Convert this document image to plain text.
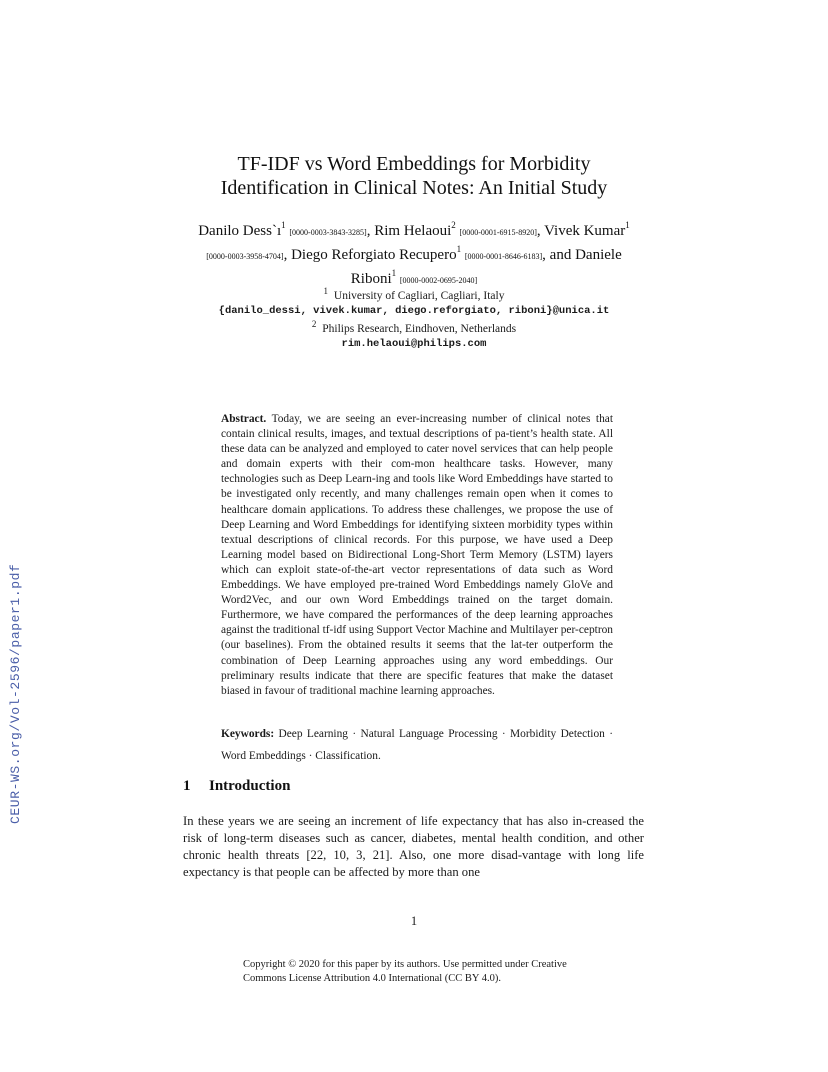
CEUR-WS.org/Vol-2596/paper1.pdf
TF-IDF vs Word Embeddings for Morbidity
Identification in Clinical Notes: An Initial Study
Danilo $Dess`ı^1$ [0000-0003-3843-3285], Rim Helaoui$^2$ [0000-0001-6915-8920], Vivek Kumar$^1$ [0000-0003-3958-4704], Diego Reforgiato Recupero$^1$ [0000-0001-8646-6183], and Daniele Riboni$^1$ [0000-0002-0695-2040]
$^1$ University of Cagliari, Cagliari, Italy
{danilo_dessi, vivek.kumar, diego.reforgiato, riboni}@unica.it
$^2$ Philips Research, Eindhoven, Netherlands
rim.helaoui@philips.com
Abstract. Today, we are seeing an ever-increasing number of clinical notes that contain clinical results, images, and textual descriptions of pa-tient’s health state. All these data can be analyzed and employed to cater novel services that can help people and domain experts with their com-mon healthcare tasks. However, many technologies such as Deep Learn-ing and tools like Word Embeddings have started to be investigated only recently, and many challenges remain open when it comes to healthcare domain applications. To address these challenges, we propose the use of Deep Learning and Word Embeddings for identifying sixteen morbidity types within textual descriptions of clinical records. For this purpose, we have used a Deep Learning model based on Bidirectional Long-Short Term Memory (LSTM) layers which can exploit state-of-the-art vector representations of data such as Word Embeddings. We have employed pre-trained Word Embeddings namely GloVe and Word2Vec, and our own Word Embeddings trained on the target domain. Furthermore, we have compared the performances of the deep learning approaches against the traditional tf-idf using Support Vector Machine and Multilayer per-ceptron (our baselines). From the obtained results it seems that the lat-ter outperform the combination of Deep Learning approaches using any word embeddings. Our preliminary results indicate that there are specific features that make the dataset biased in favour of traditional machine learning approaches.
Keywords: Deep Learning · Natural Language Processing · Morbidity Detection · Word Embeddings · Classification.
1 Introduction
In these years we are seeing an increment of life expectancy that has also in-creased the risk of long-term diseases such as cancer, diabetes, mental health condition, and other chronic health threats [22, 10, 3, 21]. Also, one more disad-vantage with long life expectancy is that people can be affected by more than one
1
Copyright © 2020 for this paper by its authors. Use permitted under Creative Commons License Attribution 4.0 International (CC BY 4.0).
